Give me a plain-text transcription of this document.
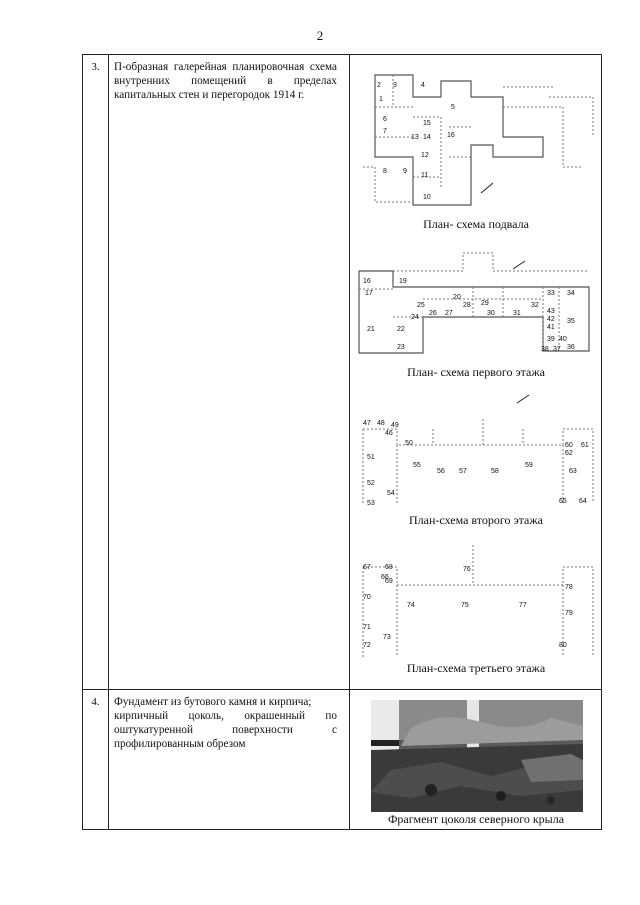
2
3.	П-образная галерейная планировочная схема внутренних помещений в пределах капитальных стен и перегородок 1914 г.

2 3	4
1
5
6
7
8 9
10
11
12
13 14
15
16
План- схема подвала
16
17
19
20
21	22
23
24
25
26 27
28 29
30	31
32
33 34
35
36
37
38
39 40
41
42
43
План- схема первого этажа
46
47 48 49
50
51
52
53
54
55
56 57	58
59
60 61
62
63
64
65
План-схема второго этажа
66
67 68
69
70
71
72
73
74	75
76
77
78
79
80
План-схема третьего этажа
4.	Фундамент из бутового камня и кирпича;

кирпичный цоколь, окрашенный по оштукатуренной поверхности с профилированным обрезом

Фрагмент цоколя северного крыла
